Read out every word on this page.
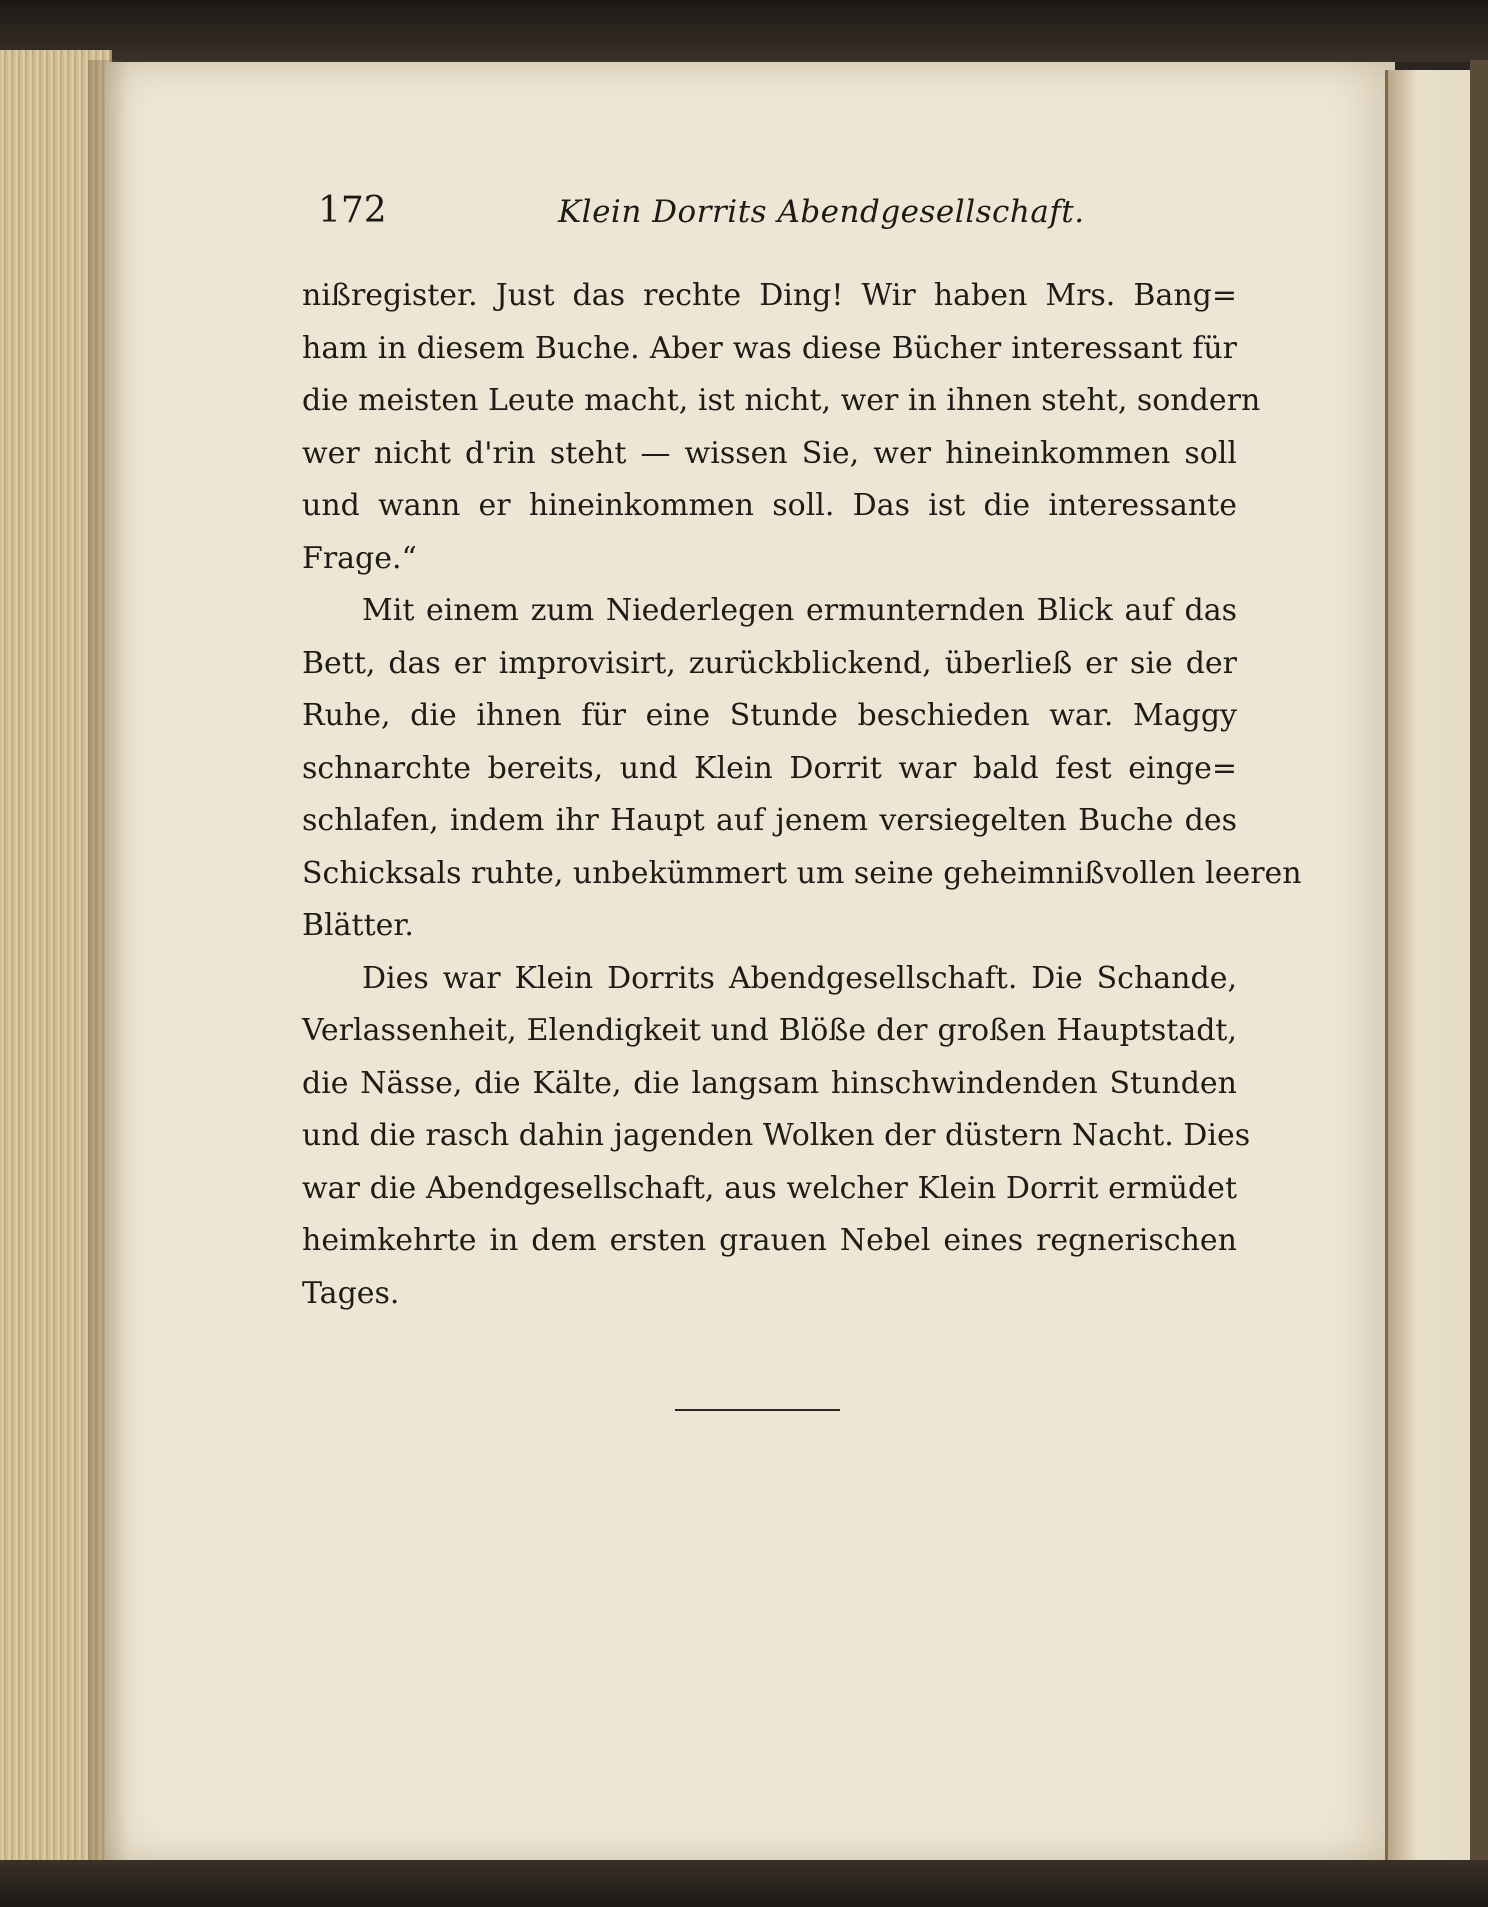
172	Klein Dorrits Abendgesellschaft.

nißregister. Just das rechte Ding! Wir haben Mrs. Bang=
ham in diesem Buche. Aber was diese Bücher interessant für
die meisten Leute macht, ist nicht, wer in ihnen steht, sondern
wer nicht d'rin steht — wissen Sie, wer hineinkommen soll
und wann er hineinkommen soll. Das ist die interessante
Frage.“

Mit einem zum Niederlegen ermunternden Blick auf das
Bett, das er improvisirt, zurückblickend, überließ er sie der
Ruhe, die ihnen für eine Stunde beschieden war. Maggy
schnarchte bereits, und Klein Dorrit war bald fest einge=
schlafen, indem ihr Haupt auf jenem versiegelten Buche des
Schicksals ruhte, unbekümmert um seine geheimnißvollen leeren
Blätter.

Dies war Klein Dorrits Abendgesellschaft. Die Schande,
Verlassenheit, Elendigkeit und Blöße der großen Hauptstadt,
die Nässe, die Kälte, die langsam hinschwindenden Stunden
und die rasch dahin jagenden Wolken der düstern Nacht. Dies
war die Abendgesellschaft, aus welcher Klein Dorrit ermüdet
heimkehrte in dem ersten grauen Nebel eines regnerischen
Tages.
